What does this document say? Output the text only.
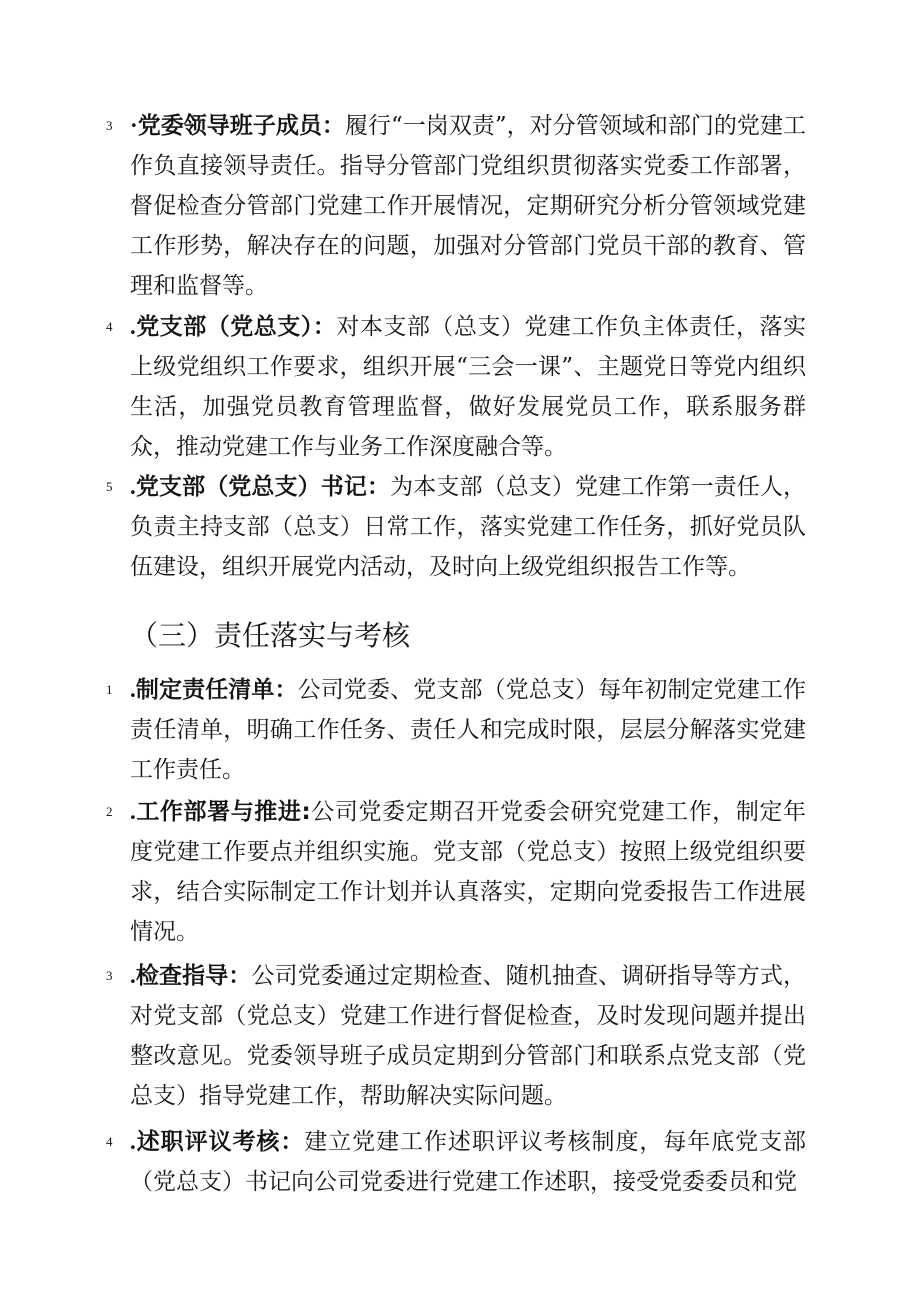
3 ·党委领导班子成员：履行“一岗双责”，对分管领域和部门的党建工作负直接领导责任。指导分管部门党组织贯彻落实党委工作部署，督促检查分管部门党建工作开展情况，定期研究分析分管领域党建工作形势，解决存在的问题，加强对分管部门党员干部的教育、管理和监督等。
4 .党支部（党总支）：对本支部（总支）党建工作负主体责任，落实上级党组织工作要求，组织开展“三会一课”、主题党日等党内组织生活，加强党员教育管理监督，做好发展党员工作，联系服务群众，推动党建工作与业务工作深度融合等。
5 .党支部（党总支）书记：为本支部（总支）党建工作第一责任人，负责主持支部（总支）日常工作，落实党建工作任务，抓好党员队伍建设，组织开展党内活动，及时向上级党组织报告工作等。
（三）责任落实与考核
1 .制定责任清单：公司党委、党支部（党总支）每年初制定党建工作责任清单，明确工作任务、责任人和完成时限，层层分解落实党建工作责任。
2 .工作部署与推进:公司党委定期召开党委会研究党建工作，制定年度党建工作要点并组织实施。党支部（党总支）按照上级党组织要求，结合实际制定工作计划并认真落实，定期向党委报告工作进展情况。
3 .检查指导：公司党委通过定期检查、随机抽查、调研指导等方式，对党支部（党总支）党建工作进行督促检查，及时发现问题并提出整改意见。党委领导班子成员定期到分管部门和联系点党支部（党总支）指导党建工作，帮助解决实际问题。
4 .述职评议考核：建立党建工作述职评议考核制度，每年底党支部（党总支）书记向公司党委进行党建工作述职，接受党委委员和党
